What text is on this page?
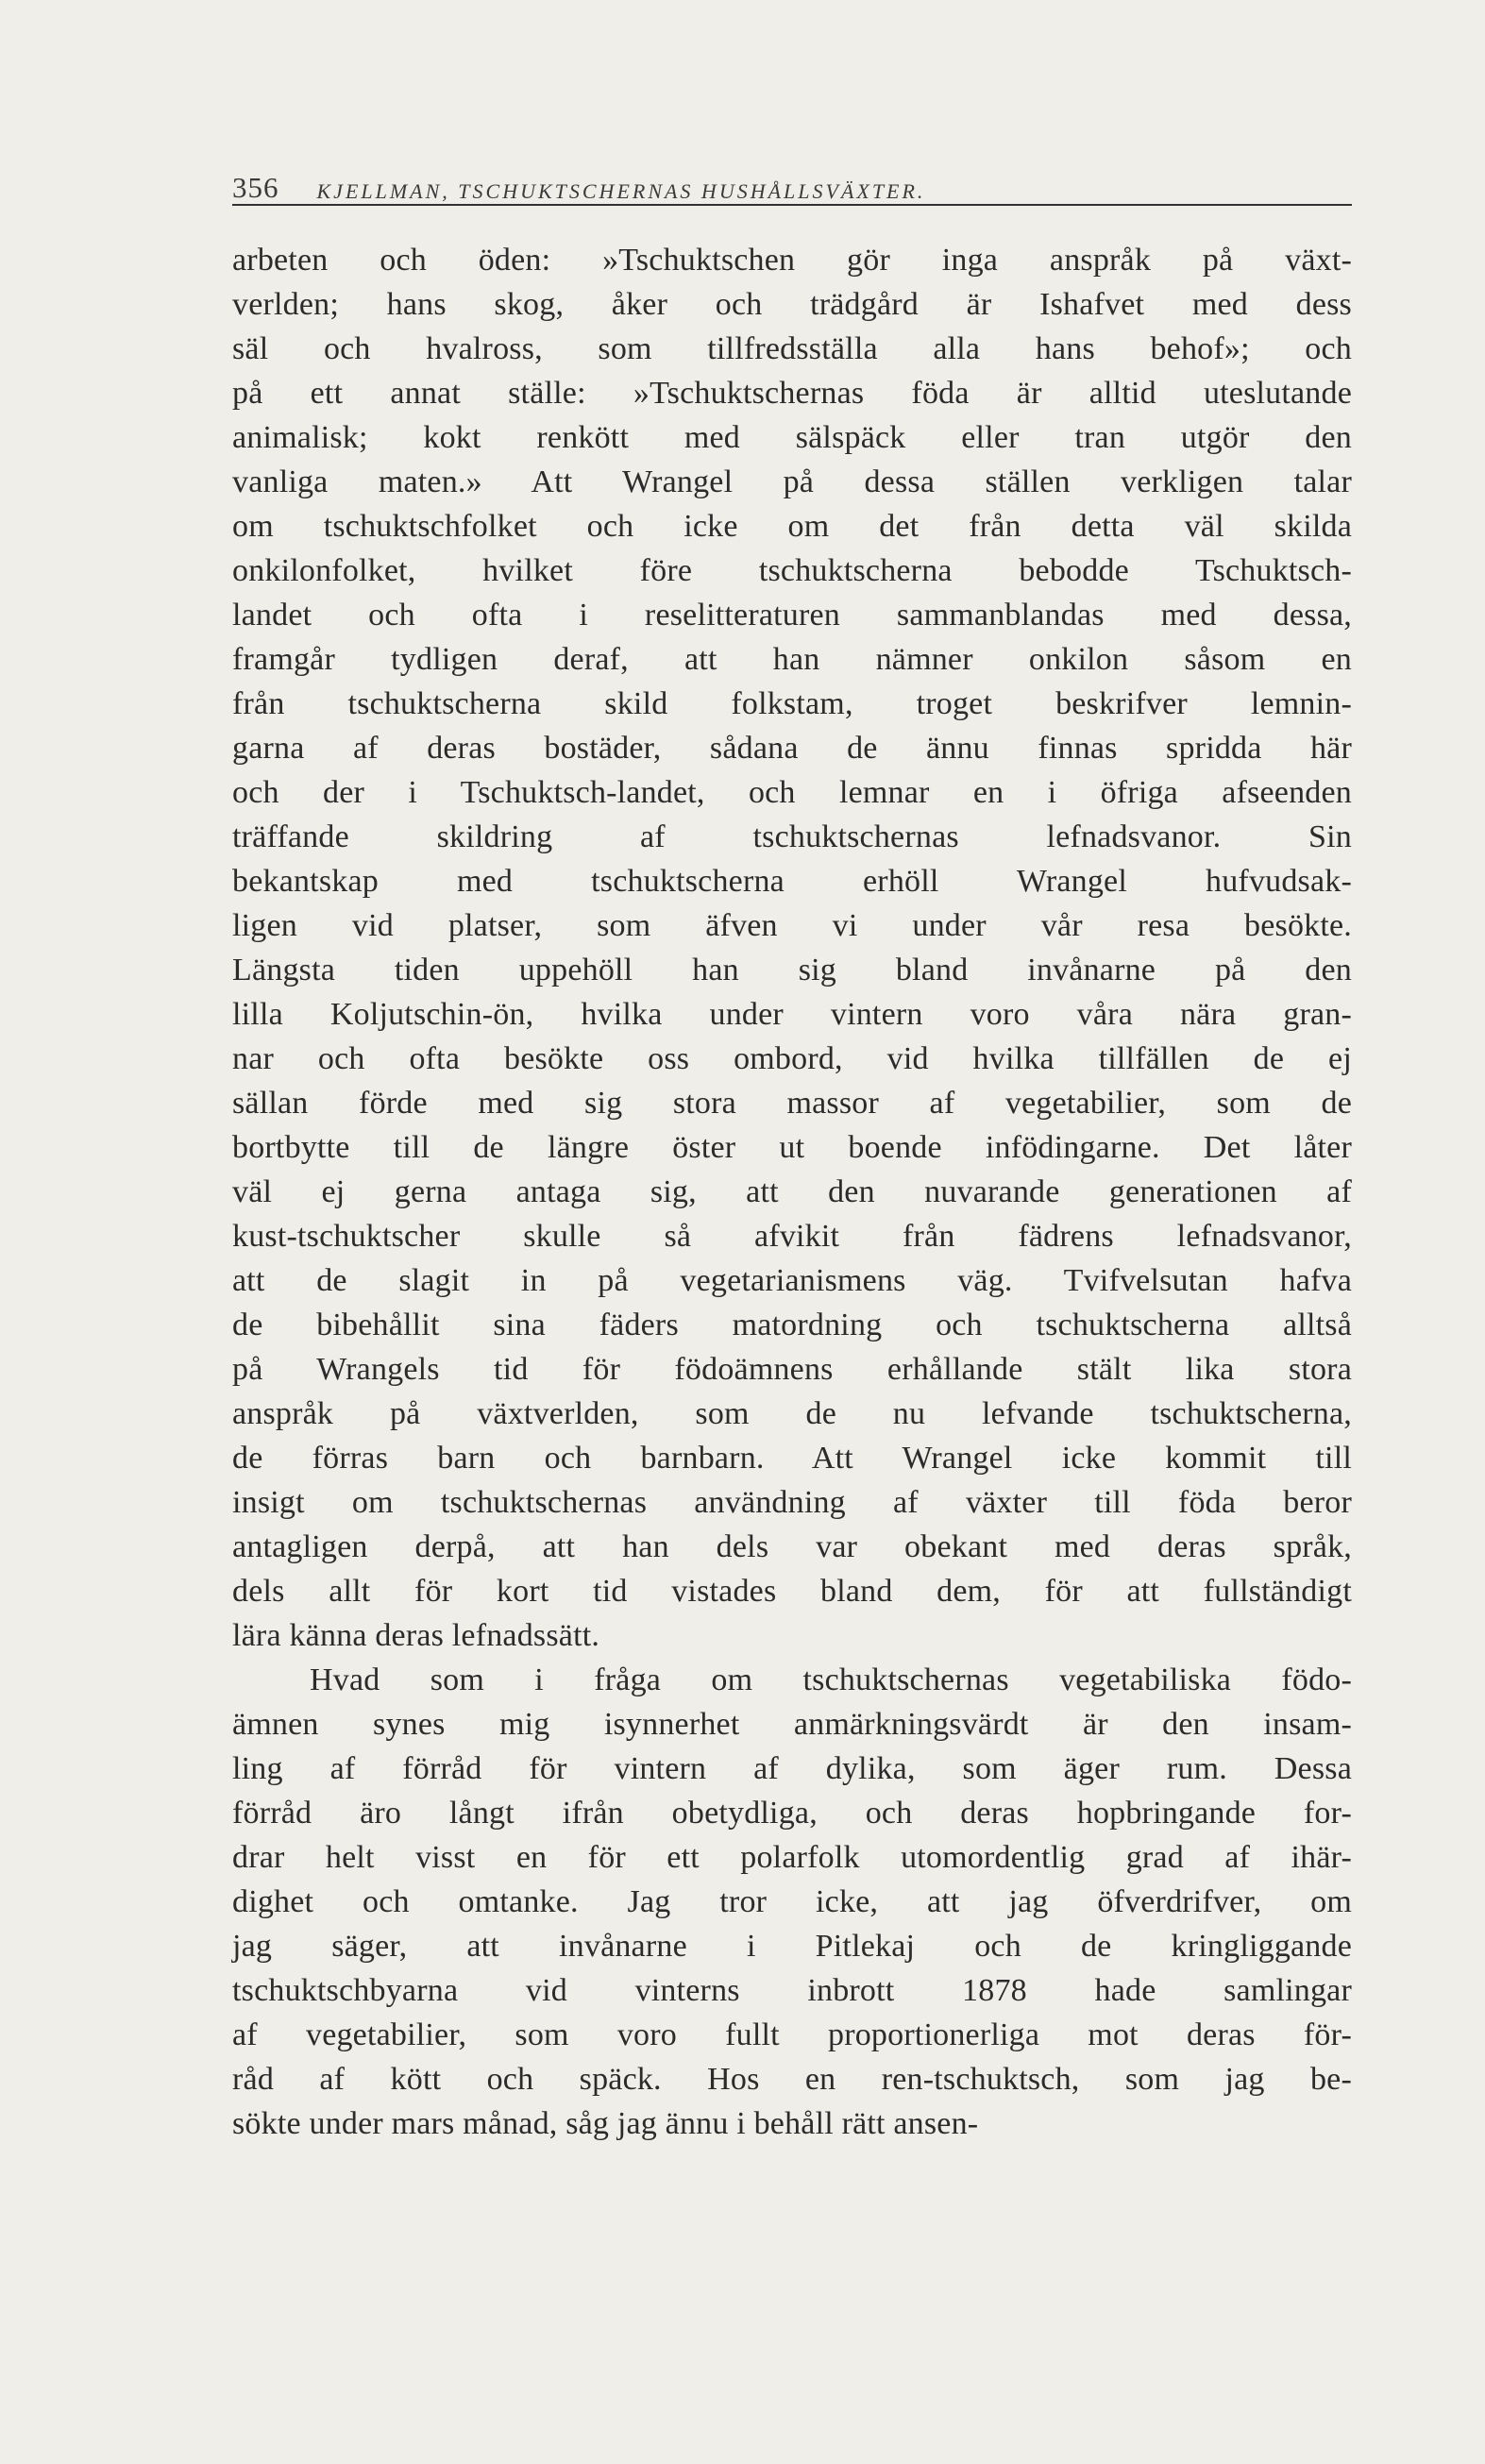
356 KJELLMAN, TSCHUKTSCHERNAS HUSHÅLLSVÄXTER.
arbeten och öden: »Tschuktschen gör inga anspråk på växt-
verlden; hans skog, åker och trädgård är Ishafvet med dess
säl och hvalross, som tillfredsställa alla hans behof»; och
på ett annat ställe: »Tschuktschernas föda är alltid uteslutande
animalisk; kokt renkött med sälspäck eller tran utgör den
vanliga maten.» Att Wrangel på dessa ställen verkligen talar
om tschuktschfolket och icke om det från detta väl skilda
onkilonfolket, hvilket före tschuktscherna bebodde Tschuktsch-
landet och ofta i reselitteraturen sammanblandas med dessa,
framgår tydligen deraf, att han nämner onkilon såsom en
från tschuktscherna skild folkstam, troget beskrifver lemnin-
garna af deras bostäder, sådana de ännu finnas spridda här
och der i Tschuktsch-landet, och lemnar en i öfriga afseenden
träffande skildring af tschuktschernas lefnadsvanor. Sin
bekantskap med tschuktscherna erhöll Wrangel hufvudsak-
ligen vid platser, som äfven vi under vår resa besökte.
Längsta tiden uppehöll han sig bland invånarne på den
lilla Koljutschin-ön, hvilka under vintern voro våra nära gran-
nar och ofta besökte oss ombord, vid hvilka tillfällen de ej
sällan förde med sig stora massor af vegetabilier, som de
bortbytte till de längre öster ut boende infödingarne. Det låter
väl ej gerna antaga sig, att den nuvarande generationen af
kust-tschuktscher skulle så afvikit från fädrens lefnadsvanor,
att de slagit in på vegetarianismens väg. Tvifvelsutan hafva
de bibehållit sina fäders matordning och tschuktscherna alltså
på Wrangels tid för födoämnens erhållande stält lika stora
anspråk på växtverlden, som de nu lefvande tschuktscherna,
de förras barn och barnbarn. Att Wrangel icke kommit till
insigt om tschuktschernas användning af växter till föda beror
antagligen derpå, att han dels var obekant med deras språk,
dels allt för kort tid vistades bland dem, för att fullständigt
lära känna deras lefnadssätt.
Hvad som i fråga om tschuktschernas vegetabiliska födo-
ämnen synes mig isynnerhet anmärkningsvärdt är den insam-
ling af förråd för vintern af dylika, som äger rum. Dessa
förråd äro långt ifrån obetydliga, och deras hopbringande for-
drar helt visst en för ett polarfolk utomordentlig grad af ihär-
dighet och omtanke. Jag tror icke, att jag öfverdrifver, om
jag säger, att invånarne i Pitlekaj och de kringliggande
tschuktschbyarna vid vinterns inbrott 1878 hade samlingar
af vegetabilier, som voro fullt proportionerliga mot deras för-
råd af kött och späck. Hos en ren-tschuktsch, som jag be-
sökte under mars månad, såg jag ännu i behåll rätt ansen-
